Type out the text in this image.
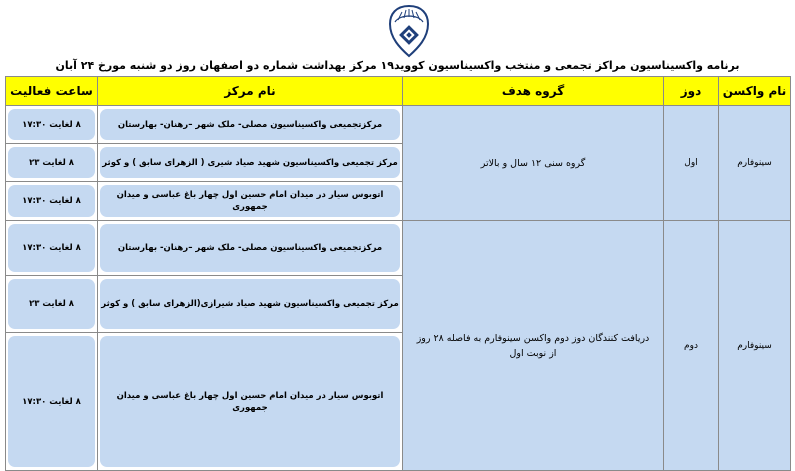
برنامه واکسیناسیون مراکز تجمعی و منتخب واکسیناسیون کووید۱۹ مرکز بهداشت شماره دو اصفهان روز دو شنبه مورخ ۲۴ آبان
نام واکسن	دوز	گروه هدف	نام مرکز	ساعت فعالیت
سینوفارم	اول	گروه سنی ۱۲ سال و بالاتر	مرکزتجمیعی واکسیناسیون مصلی- ملک شهر –رهنان- بهارستان	۸ لغایت ۱۷:۳۰

مرکز تجمیعی واکسیناسیون شهید صیاد شیری ( الزهرای سابق ) و کوثر	۸ لغایت ۲۳

اتوبوس سیار در میدان امام حسین اول چهار باغ عباسی و میدان جمهوری	۸ لغایت ۱۷:۳۰

سینوفارم	دوم	دریافت کنندگان دوز دوم واکسن سینوفارم به فاصله ۲۸ روز از نوبت اول	مرکزتجمیعی واکسیناسیون مصلی- ملک شهر –رهنان- بهارستان	۸ لغایت ۱۷:۳۰

مرکز تجمیعی واکسیناسیون شهید صیاد شیرازی(الزهرای سابق ) و کوثر	۸ لغایت ۲۳

اتوبوس سیار در میدان امام حسین اول چهار باغ عباسی و میدان جمهوری	۸ لغایت ۱۷:۳۰
